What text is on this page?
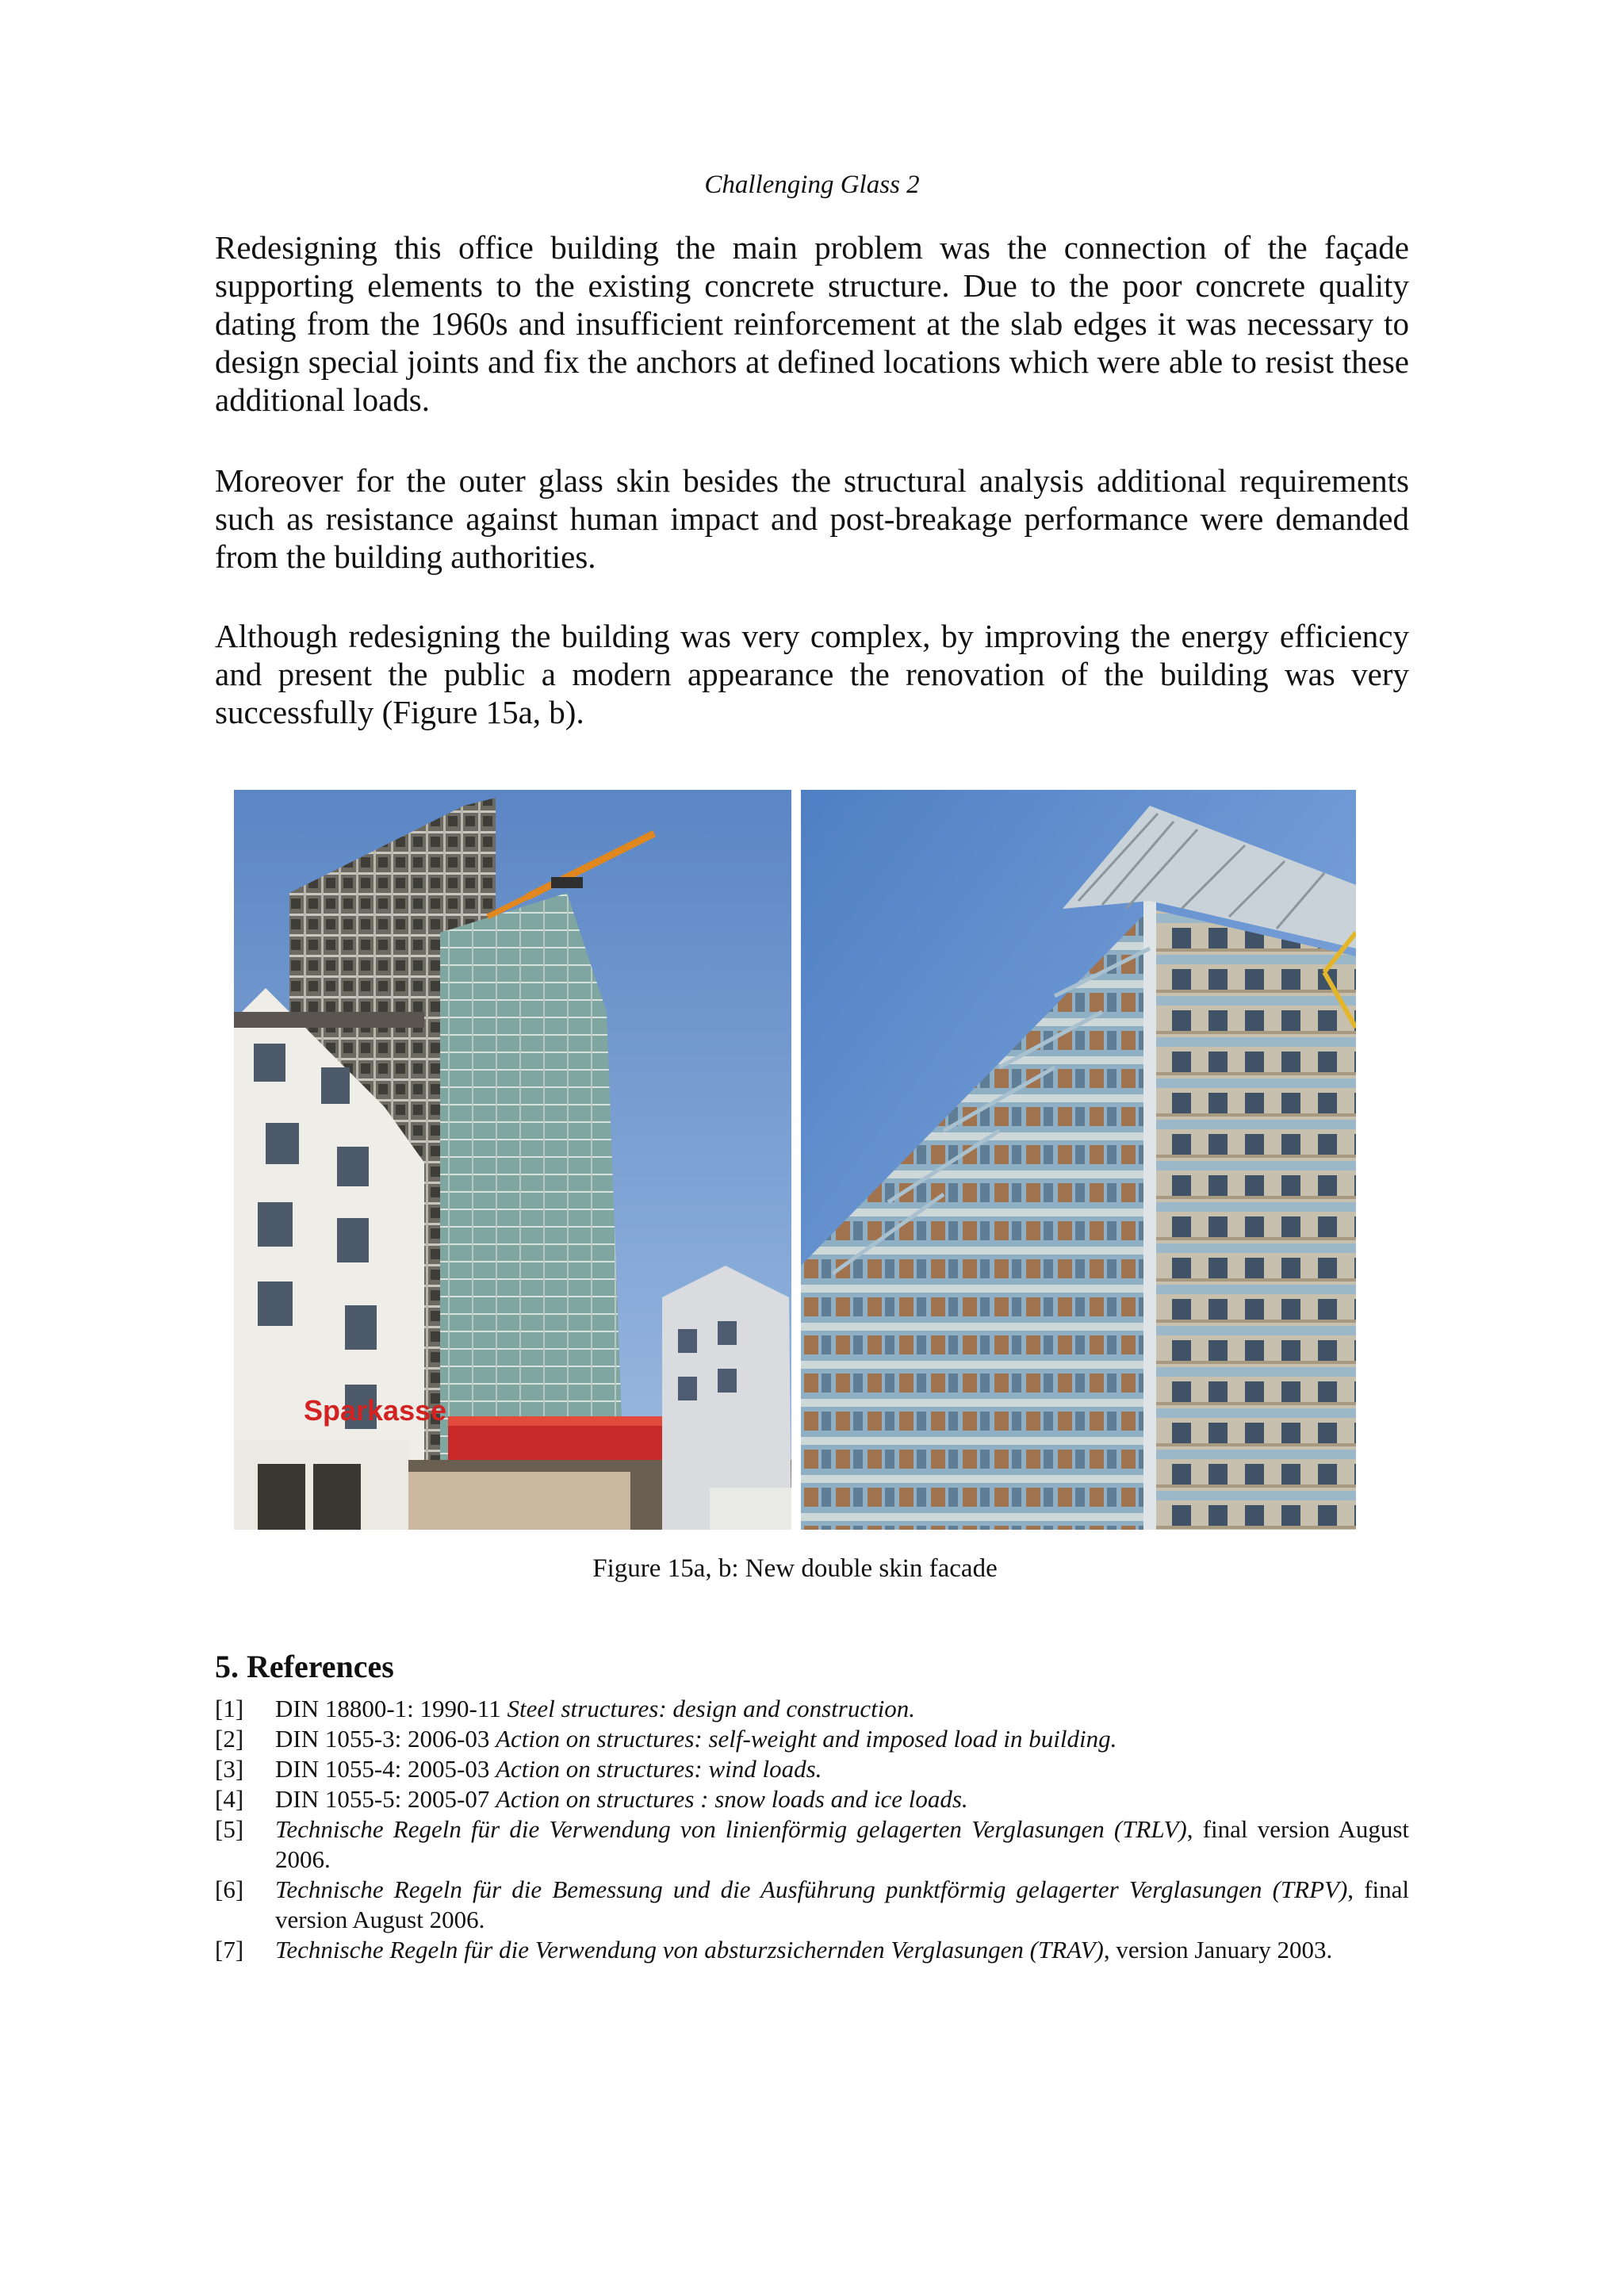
Challenging Glass 2

Redesigning this office building the main problem was the connection of the façade supporting elements to the existing concrete structure. Due to the poor concrete quality dating from the 1960s and insufficient reinforcement at the slab edges it was necessary to design special joints and fix the anchors at defined locations which were able to resist these additional loads.

Moreover for the outer glass skin besides the structural analysis additional requirements such as resistance against human impact and post-breakage performance were demanded from the building authorities.

Although redesigning the building was very complex, by improving the energy efficiency and present the public a modern appearance the renovation of the building was very successfully (Figure 15a, b).

Sparkasse
Figure 15a, b: New double skin facade
5. References
[1] DIN 18800-1: 1990-11 Steel structures: design and construction.
[2] DIN 1055-3: 2006-03 Action on structures: self-weight and imposed load in building.
[3] DIN 1055-4: 2005-03 Action on structures: wind loads.
[4] DIN 1055-5: 2005-07 Action on structures : snow loads and ice loads.
[5] Technische Regeln für die Verwendung von linienförmig gelagerten Verglasungen (TRLV), final version August 2006.
[6] Technische Regeln für die Bemessung und die Ausführung punktförmig gelagerter Verglasungen (TRPV), final version August 2006.
[7] Technische Regeln für die Verwendung von absturzsichernden Verglasungen (TRAV), version January 2003.
